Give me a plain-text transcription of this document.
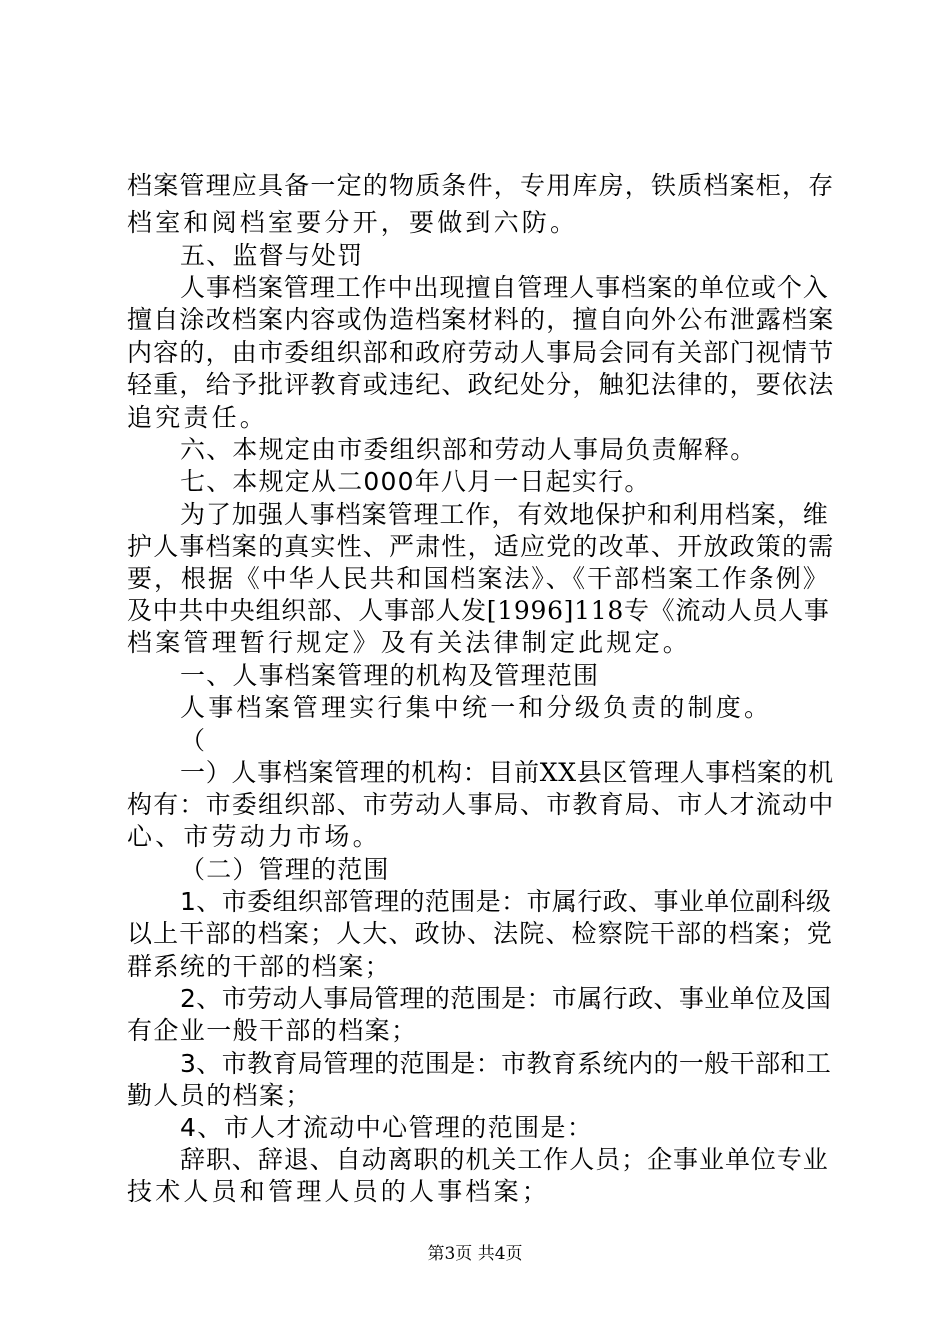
档案管理应具备一定的物质条件，专用库房，铁质档案柜，存

档室和阅档室要分开，要做到六防。

五、监督与处罚

人事档案管理工作中出现擅自管理人事档案的单位或个入

擅自涂改档案内容或伪造档案材料的，擅自向外公布泄露档案

内容的，由市委组织部和政府劳动人事局会同有关部门视情节

轻重，给予批评教育或违纪、政纪处分，触犯法律的，要依法

追究责任。

六、本规定由市委组织部和劳动人事局负责解释。

七、本规定从二000年八月一日起实行。

为了加强人事档案管理工作，有效地保护和利用档案，维

护人事档案的真实性、严肃性，适应党的改革、开放政策的需

要，根据《中华人民共和国档案法》、《干部档案工作条例》

及中共中央组织部、人事部人发[1996]118专《流动人员人事

档案管理暂行规定》及有关法律制定此规定。

一、人事档案管理的机构及管理范围

人事档案管理实行集中统一和分级负责的制度。

（

一）人事档案管理的机构：目前XX县区管理人事档案的机

构有：市委组织部、市劳动人事局、市教育局、市人才流动中

心、市劳动力市场。

（二）管理的范围

1、市委组织部管理的范围是：市属行政、事业单位副科级

以上干部的档案；人大、政协、法院、检察院干部的档案；党

群系统的干部的档案；

2、市劳动人事局管理的范围是：市属行政、事业单位及国

有企业一般干部的档案；

3、市教育局管理的范围是：市教育系统内的一般干部和工

勤人员的档案；

4、市人才流动中心管理的范围是：

辞职、辞退、自动离职的机关工作人员；企事业单位专业

技术人员和管理人员的人事档案；

第3页 共4页
